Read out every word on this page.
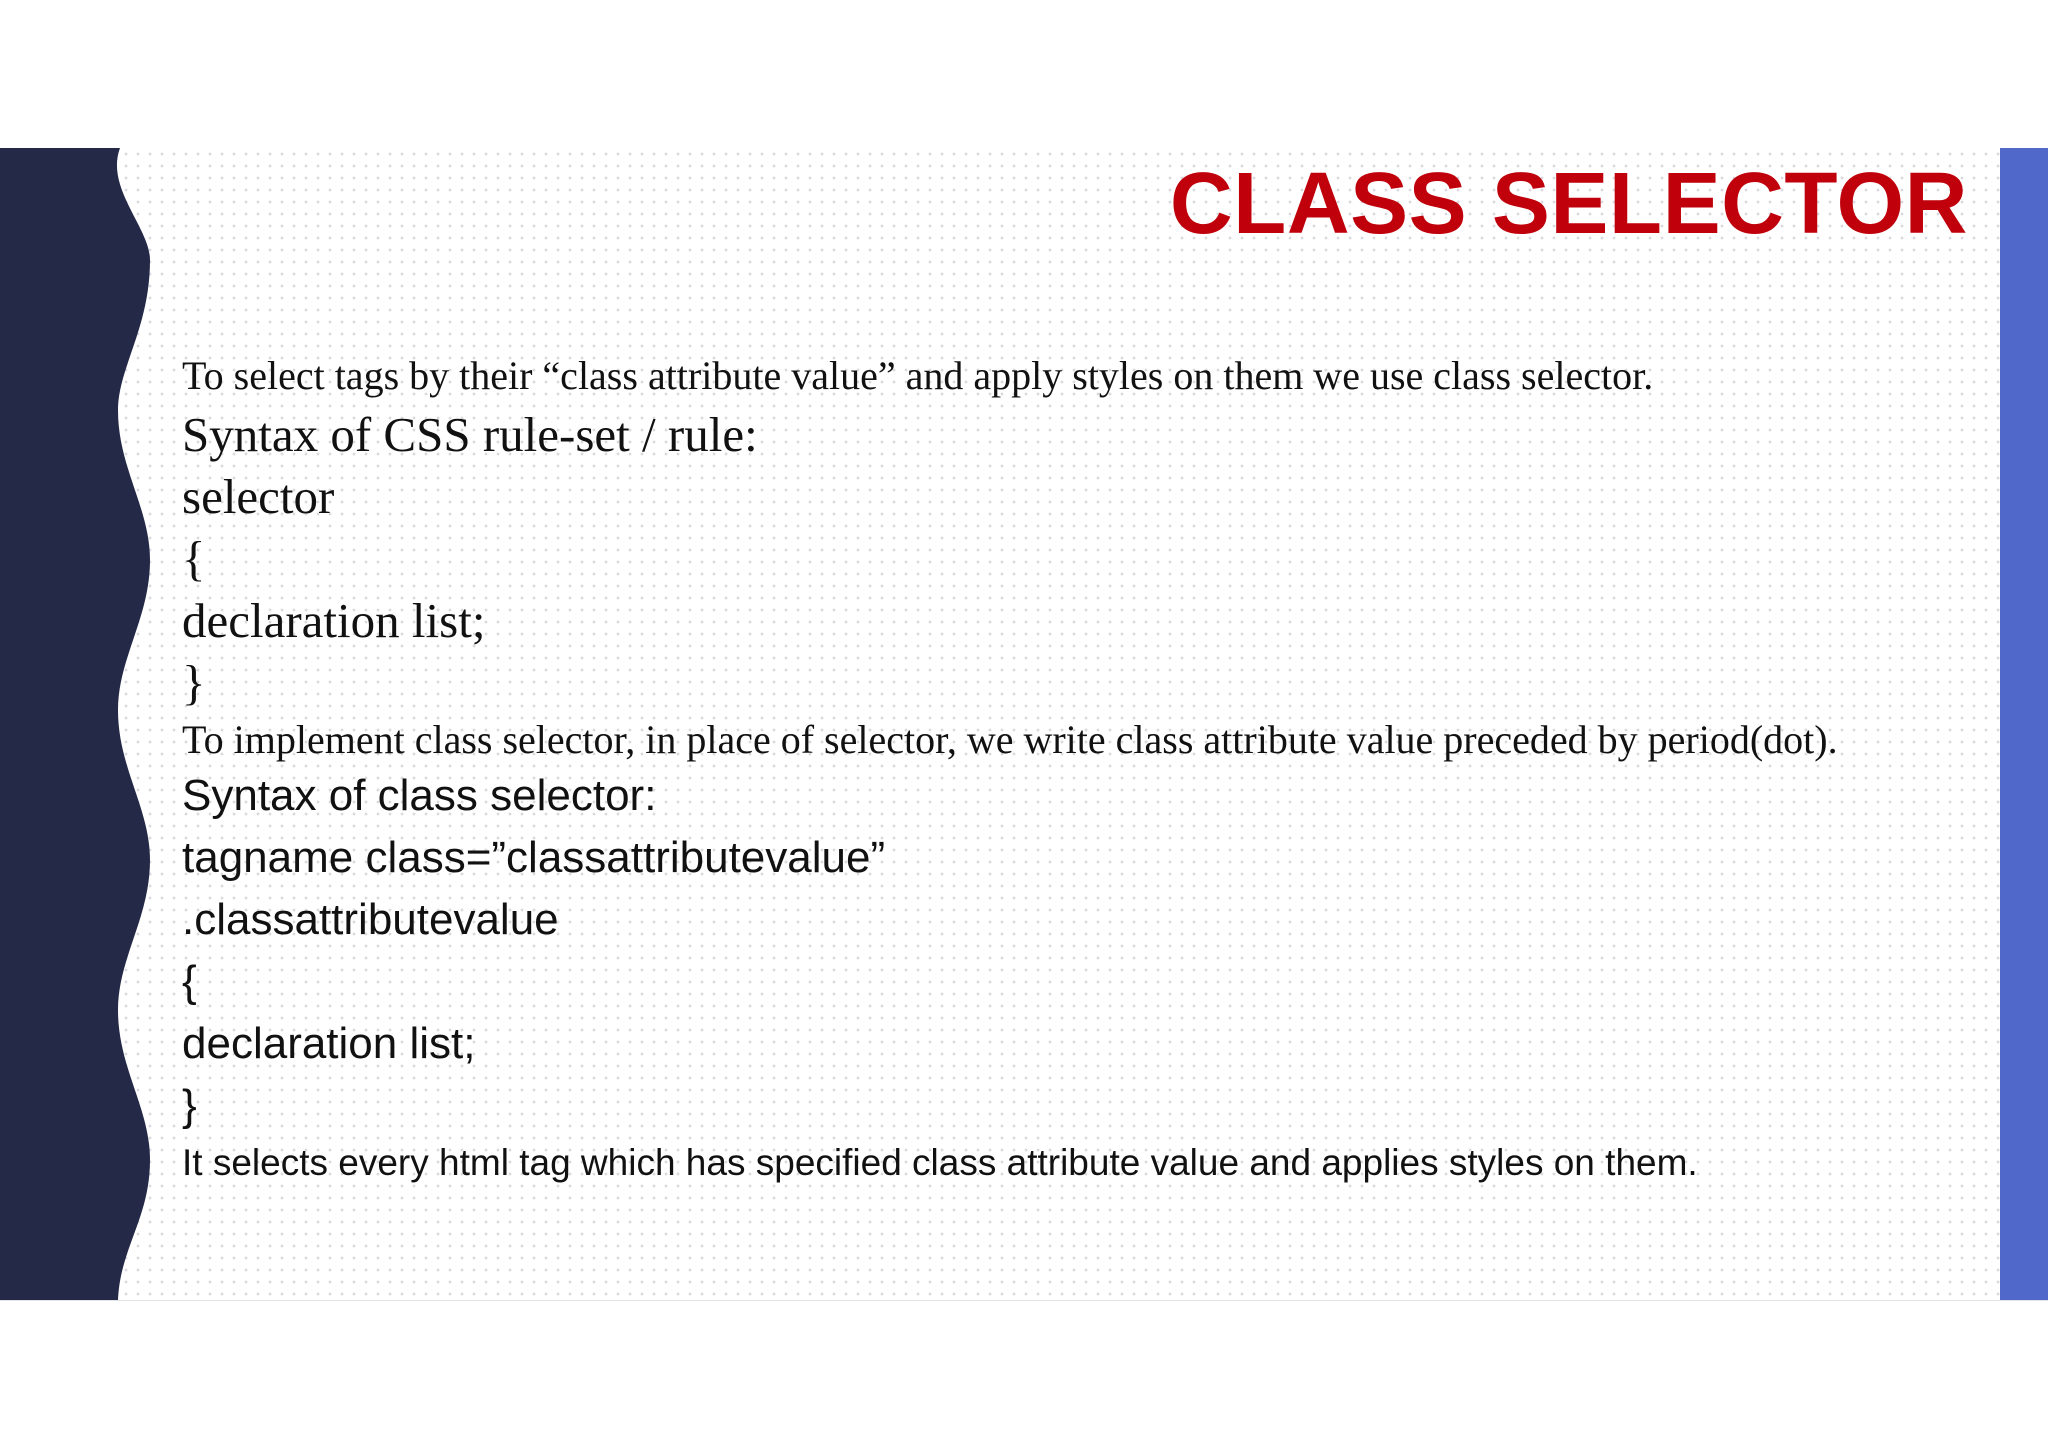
CLASS SELECTOR

To select tags by their “class attribute value” and apply styles on them we use class selector.

Syntax of CSS rule-set / rule:

selector

{

declaration list;

}

To implement class selector, in place of selector, we write class attribute value preceded by period(dot).

Syntax of class selector:

tagname class=”classattributevalue”

.classattributevalue

{

declaration list;

}

It selects every html tag which has specified class attribute value and applies styles on them.
